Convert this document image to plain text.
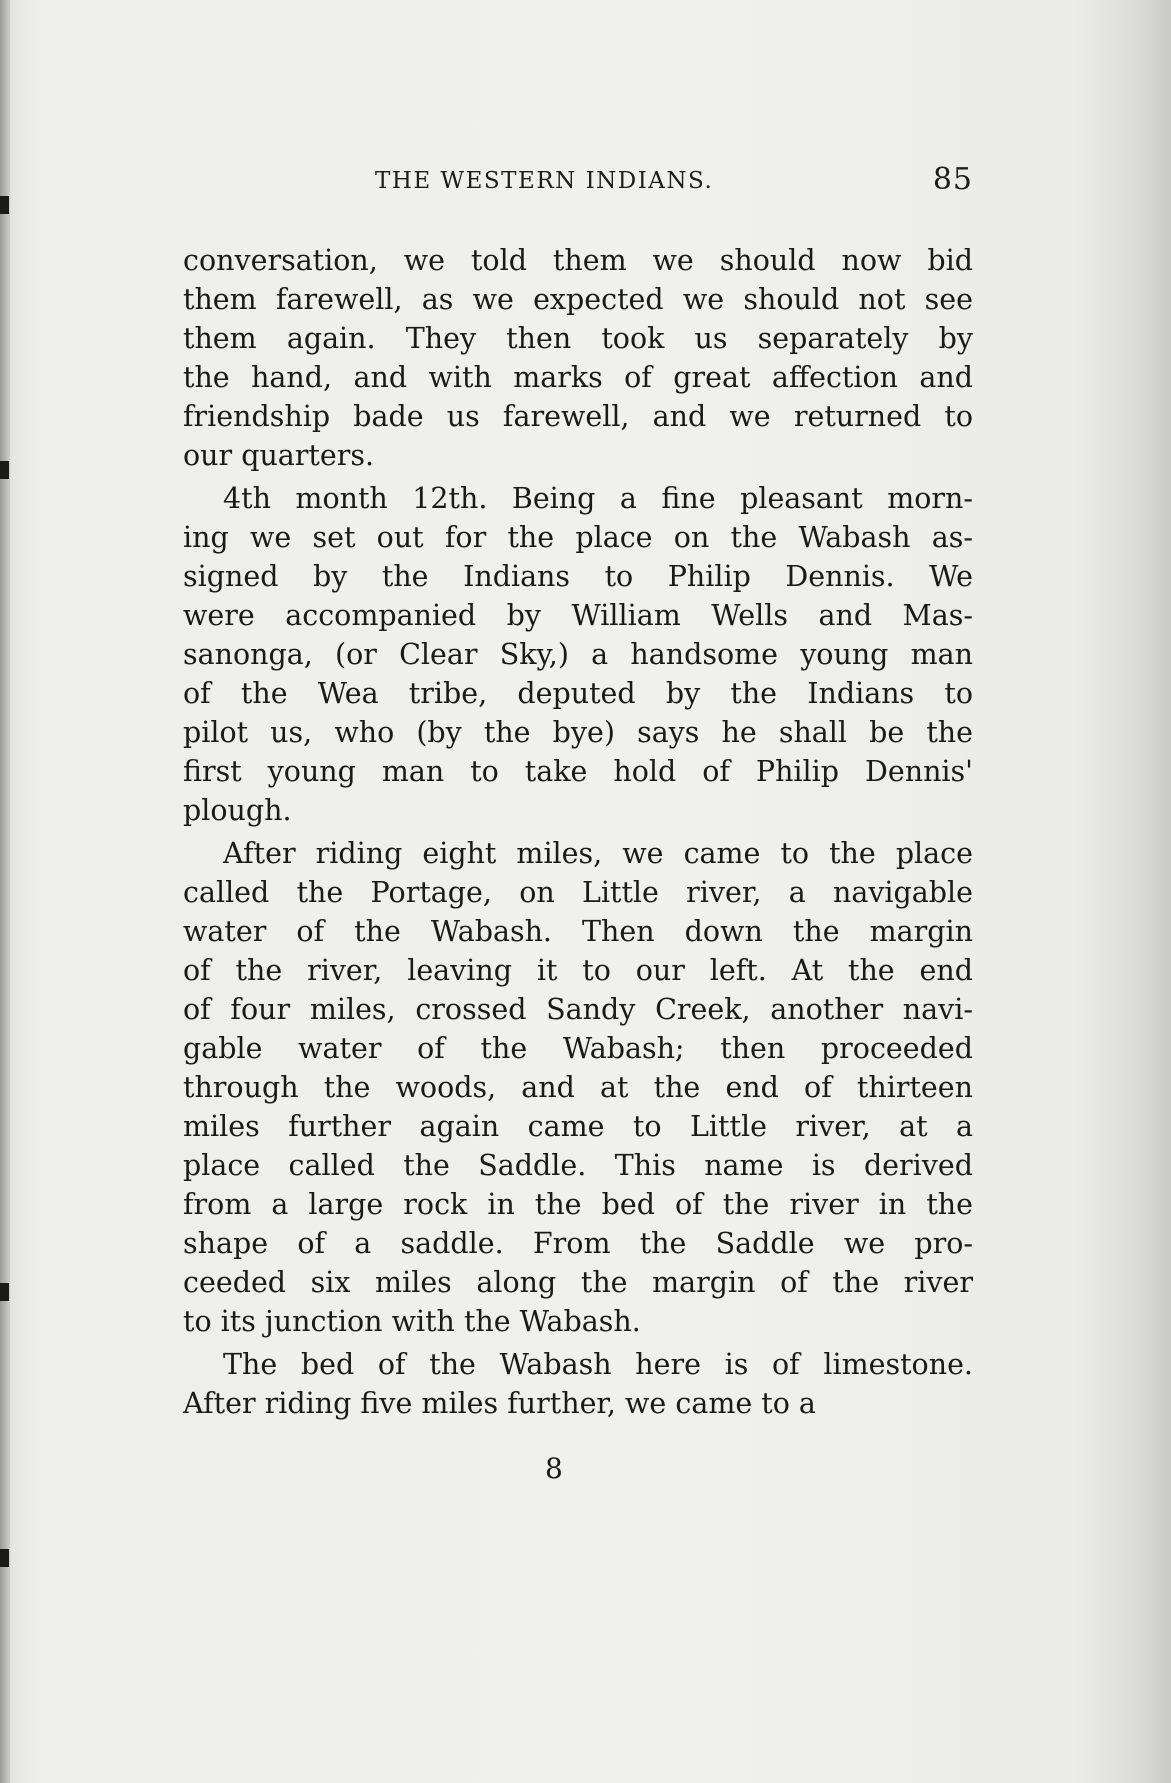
THE WESTERN INDIANS.	85
conversation, we told them we should now bid
them farewell, as we expected we should not see
them again. They then took us separately by
the hand, and with marks of great affection and
friendship bade us farewell, and we returned to
our quarters.
4th month 12th. Being a fine pleasant morn-
ing we set out for the place on the Wabash as-
signed by the Indians to Philip Dennis. We
were accompanied by William Wells and Mas-
sanonga, (or Clear Sky,) a handsome young man
of the Wea tribe, deputed by the Indians to
pilot us, who (by the bye) says he shall be the
first young man to take hold of Philip Dennis'
plough.
After riding eight miles, we came to the place
called the Portage, on Little river, a navigable
water of the Wabash. Then down the margin
of the river, leaving it to our left. At the end
of four miles, crossed Sandy Creek, another navi-
gable water of the Wabash; then proceeded
through the woods, and at the end of thirteen
miles further again came to Little river, at a
place called the Saddle. This name is derived
from a large rock in the bed of the river in the
shape of a saddle. From the Saddle we pro-
ceeded six miles along the margin of the river
to its junction with the Wabash.
The bed of the Wabash here is of limestone.
After riding five miles further, we came to a
8
